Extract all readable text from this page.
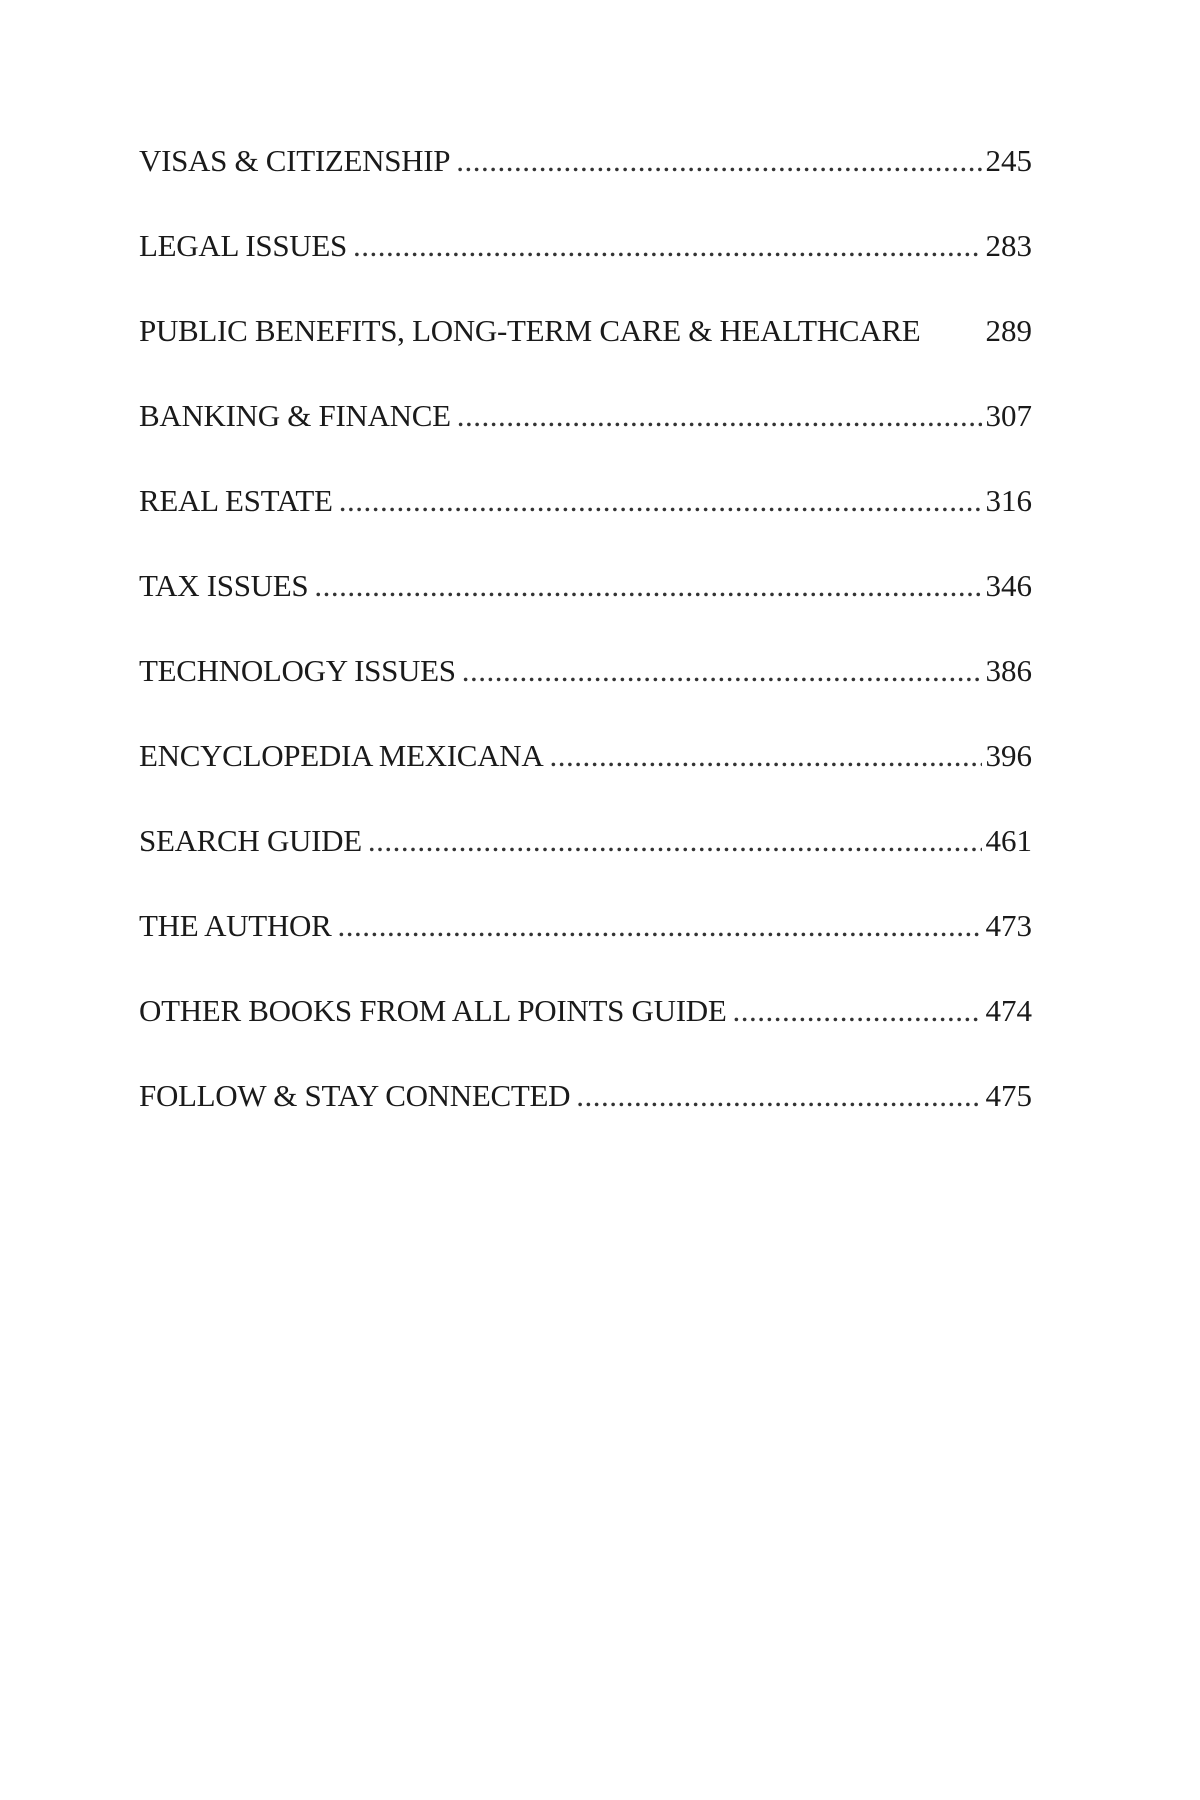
VISAS & CITIZENSHIP .....	245
LEGAL ISSUES .....	283
PUBLIC BENEFITS, LONG-TERM CARE & HEALTHCARE 289
BANKING & FINANCE .....	307
REAL ESTATE .....	316
TAX ISSUES .....	346
TECHNOLOGY ISSUES .....	386
ENCYCLOPEDIA MEXICANA .....	396
SEARCH GUIDE .....	461
THE AUTHOR .....	473
OTHER BOOKS FROM ALL POINTS GUIDE .....	474
FOLLOW & STAY CONNECTED .....	475
